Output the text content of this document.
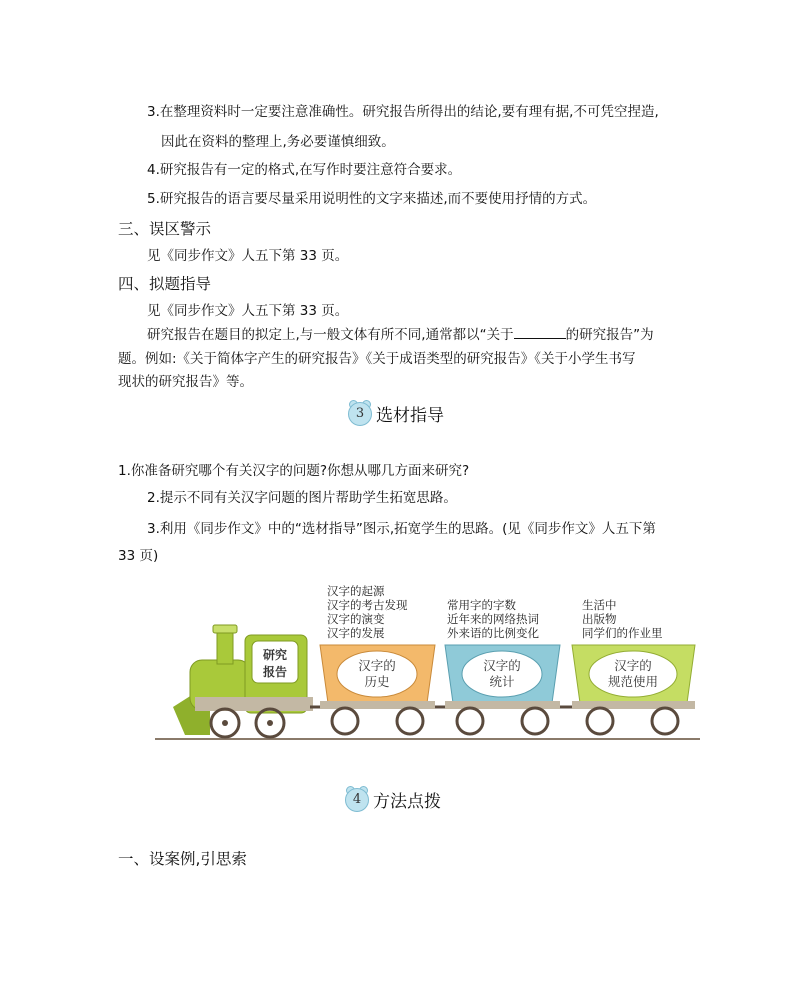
3.在整理资料时一定要注意准确性。研究报告所得出的结论,要有理有据,不可凭空捏造,
因此在资料的整理上,务必要谨慎细致。
4.研究报告有一定的格式,在写作时要注意符合要求。
5.研究报告的语言要尽量采用说明性的文字来描述,而不要使用抒情的方式。
三、误区警示
见《同步作文》人五下第 33 页。
四、拟题指导
见《同步作文》人五下第 33 页。
研究报告在题目的拟定上,与一般文体有所不同,通常都以“关于	的研究报告”为
题。例如:《关于简体字产生的研究报告》《关于成语类型的研究报告》《关于小学生书写
现状的研究报告》等。
3 选材指导
1.你准备研究哪个有关汉字的问题?你想从哪几方面来研究?
2.提示不同有关汉字问题的图片帮助学生拓宽思路。
3.利用《同步作文》中的“选材指导”图示,拓宽学生的思路。(见《同步作文》人五下第
33 页)
汉字的起源
汉字的考古发现
汉字的演变
汉字的发展
常用字的字数
近年来的网络热词
外来语的比例变化
生活中
出版物
同学们的作业里
研究
报告	汉字的
历史
汉字的
统计
汉字的
规范使用
4 方法点拨
一、设案例,引思索
